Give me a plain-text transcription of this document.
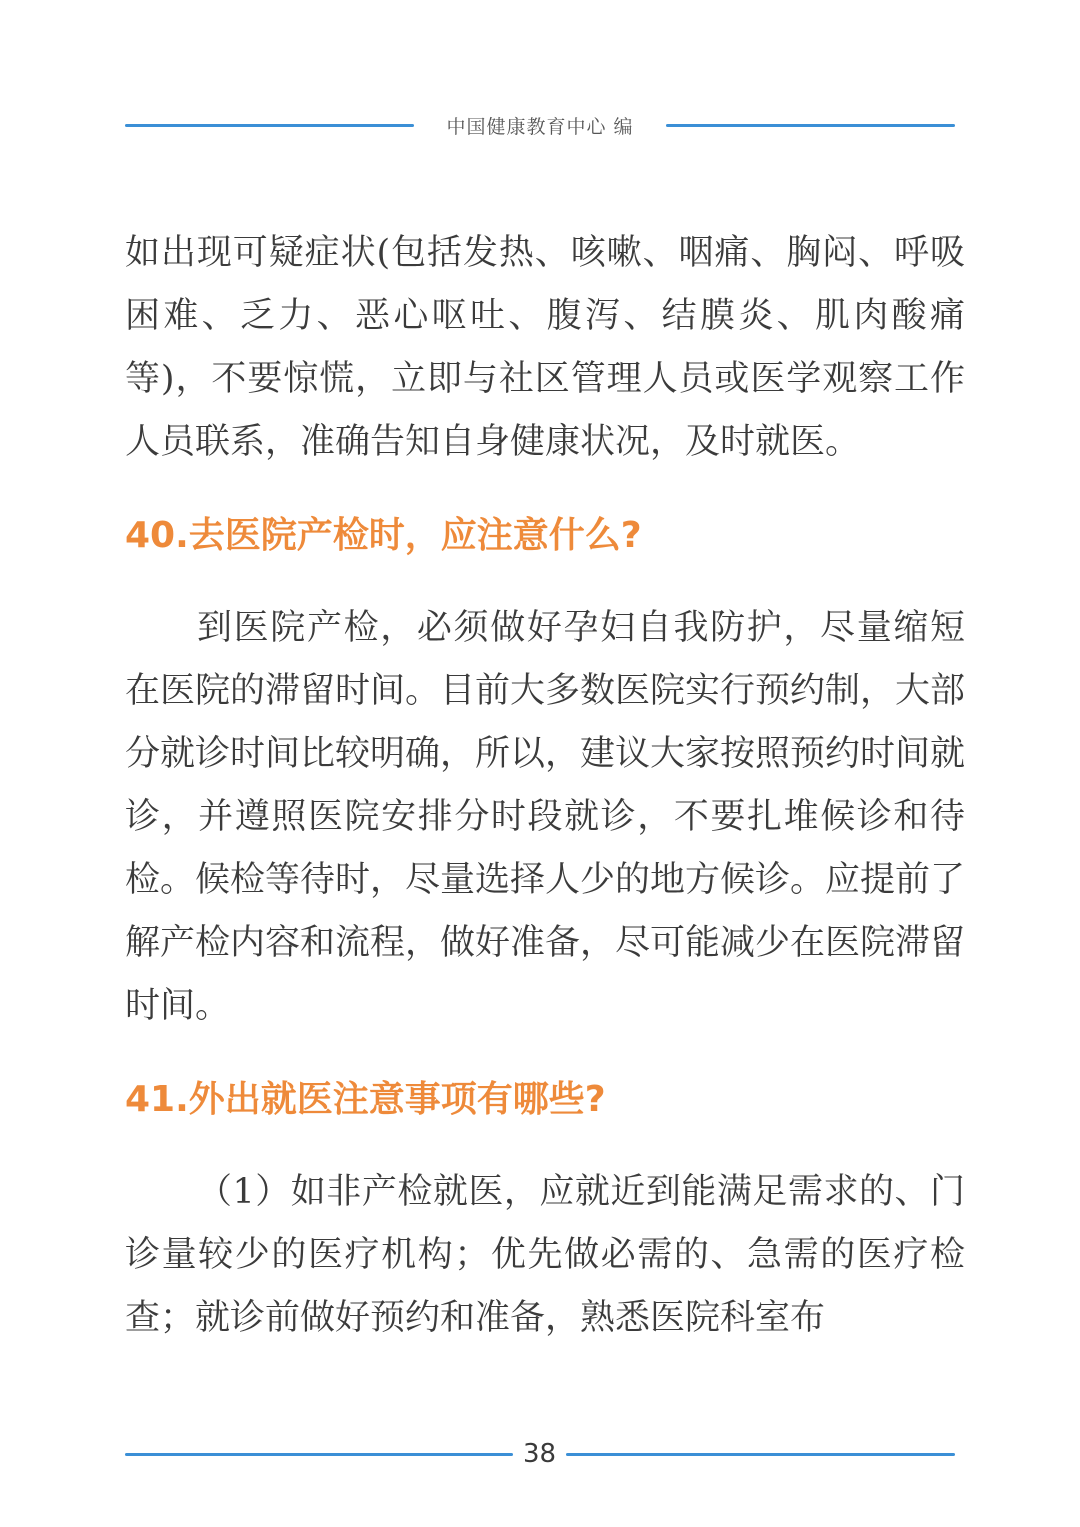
中国健康教育中心 编

如出现可疑症状(包括发热、咳嗽、咽痛、胸闷、呼吸困难、乏力、恶心呕吐、腹泻、结膜炎、肌肉酸痛等)，不要惊慌，立即与社区管理人员或医学观察工作人员联系，准确告知自身健康状况，及时就医。

40.去医院产检时，应注意什么?

到医院产检，必须做好孕妇自我防护，尽量缩短在医院的滞留时间。目前大多数医院实行预约制，大部分就诊时间比较明确，所以，建议大家按照预约时间就诊，并遵照医院安排分时段就诊，不要扎堆候诊和待检。候检等待时，尽量选择人少的地方候诊。应提前了解产检内容和流程，做好准备，尽可能减少在医院滞留时间。

41.外出就医注意事项有哪些?

（1）如非产检就医，应就近到能满足需求的、门诊量较少的医疗机构；优先做必需的、急需的医疗检查；就诊前做好预约和准备，熟悉医院科室布

38
